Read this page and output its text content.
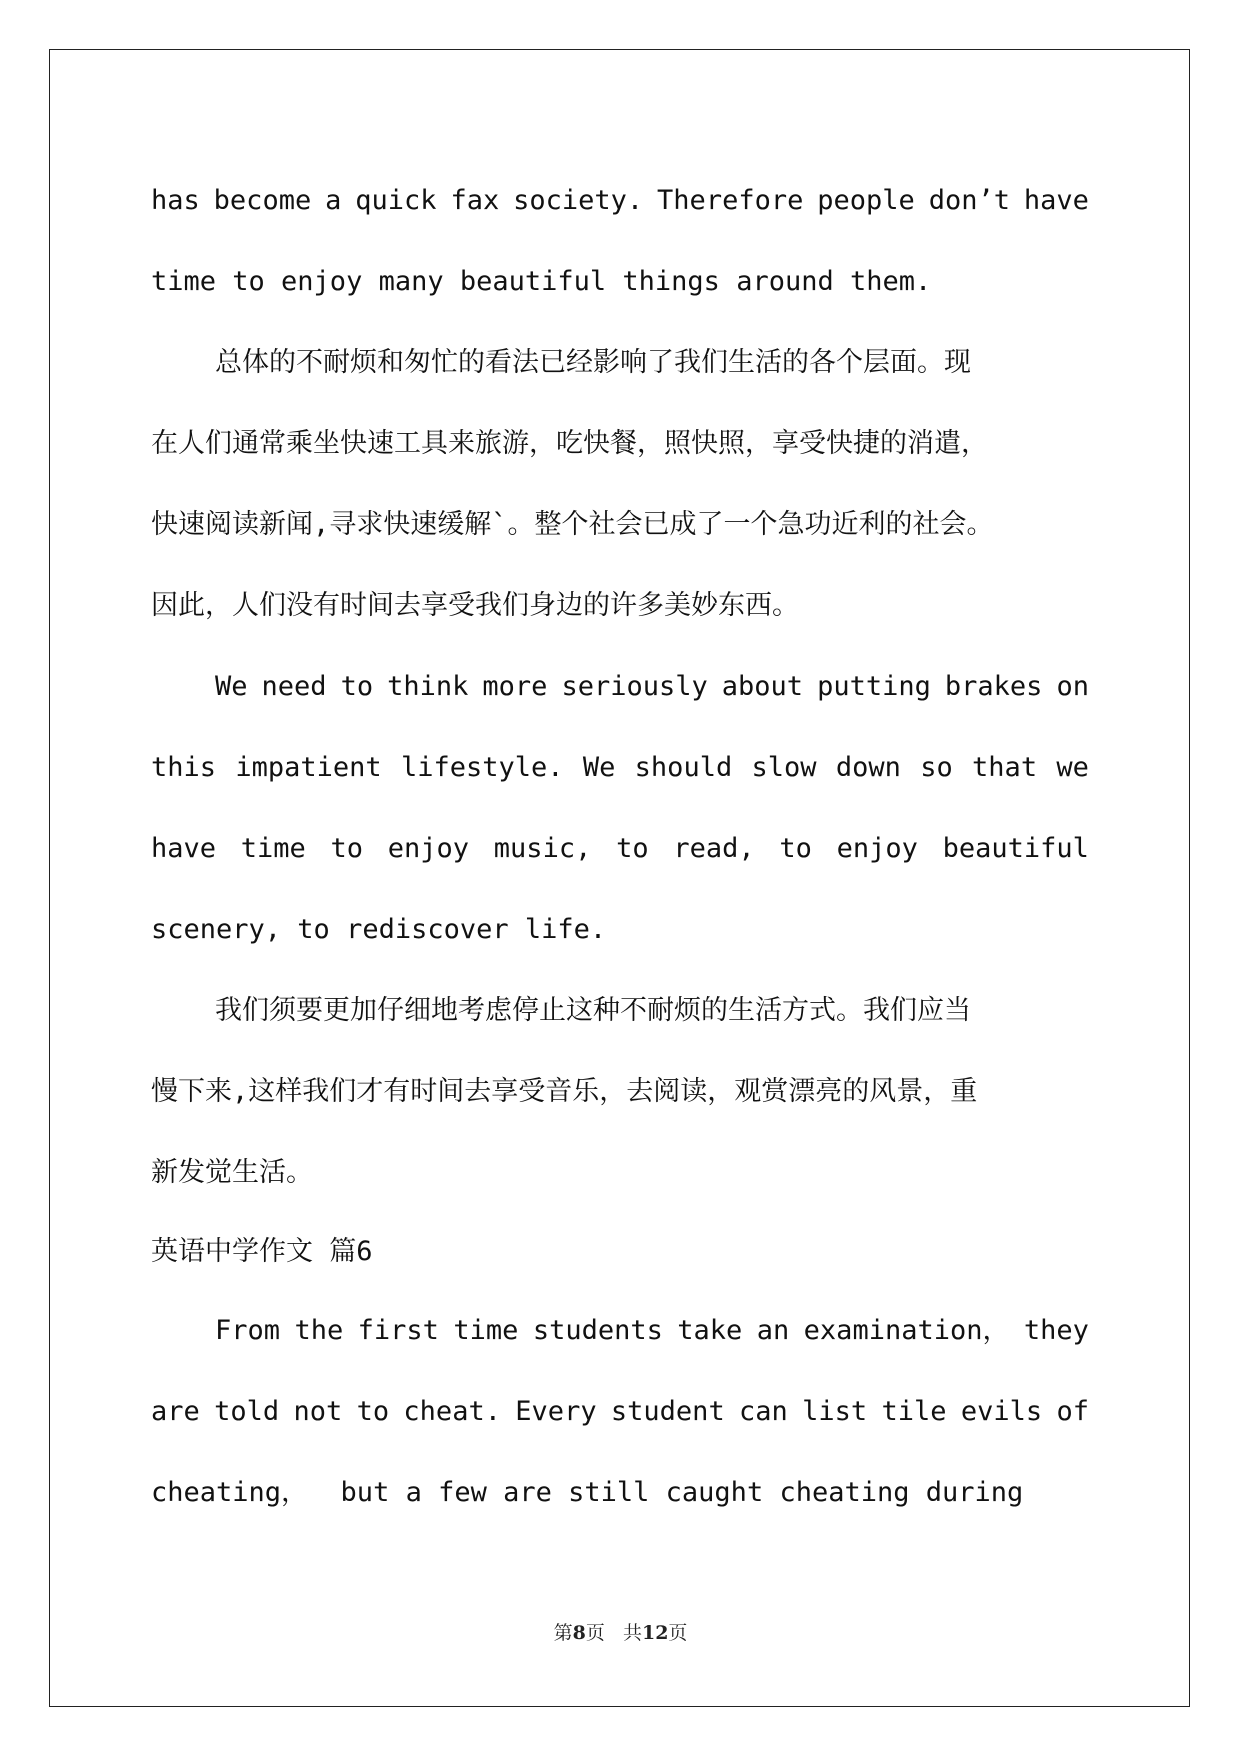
has become a quick fax society. Therefore people don’t have
time to enjoy many beautiful things around them.
总体的不耐烦和匆忙的看法已经影响了我们生活的各个层面。现
在人们通常乘坐快速工具来旅游，吃快餐，照快照，享受快捷的消遣，
快速阅读新闻,寻求快速缓解`。整个社会已成了一个急功近利的社会。
因此，人们没有时间去享受我们身边的许多美妙东西。
We need to think more seriously about putting brakes on
this impatient lifestyle. We should slow down so that we
have time to enjoy music, to read, to enjoy beautiful
scenery, to rediscover life.
我们须要更加仔细地考虑停止这种不耐烦的生活方式。我们应当
慢下来,这样我们才有时间去享受音乐，去阅读，观赏漂亮的风景，重
新发觉生活。
英语中学作文 篇6
From the first time students take an examination， they
are told not to cheat. Every student can list tile evils of
cheating，  but a few are still caught cheating during
第8页 共12页
